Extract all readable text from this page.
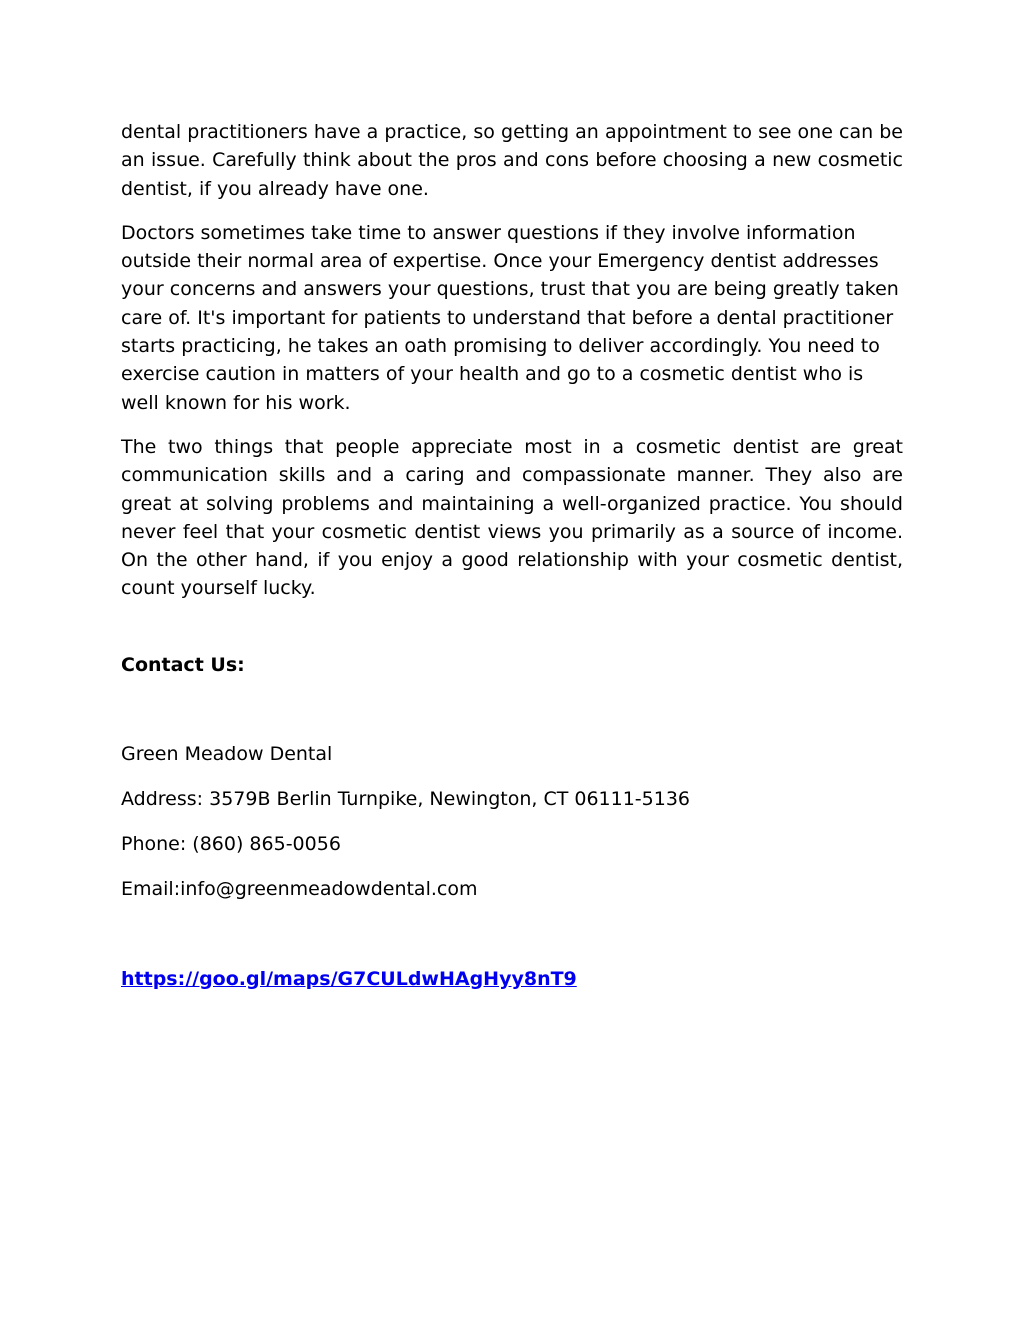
dental practitioners have a practice, so getting an appointment to see one can be an issue. Carefully think about the pros and cons before choosing a new cosmetic dentist, if you already have one.

Doctors sometimes take time to answer questions if they involve information outside their normal area of expertise. Once your Emergency dentist addresses your concerns and answers your questions, trust that you are being greatly taken care of. It's important for patients to understand that before a dental practitioner starts practicing, he takes an oath promising to deliver accordingly. You need to exercise caution in matters of your health and go to a cosmetic dentist who is well known for his work.

The two things that people appreciate most in a cosmetic dentist are great communication skills and a caring and compassionate manner. They also are great at solving problems and maintaining a well-organized practice. You should never feel that your cosmetic dentist views you primarily as a source of income. On the other hand, if you enjoy a good relationship with your cosmetic dentist, count yourself lucky.

Contact Us:
Green Meadow Dental
Address: 3579B Berlin Turnpike, Newington, CT 06111-5136
Phone: (860) 865-0056
Email:info@greenmeadowdental.com
https://goo.gl/maps/G7CULdwHAgHyy8nT9
